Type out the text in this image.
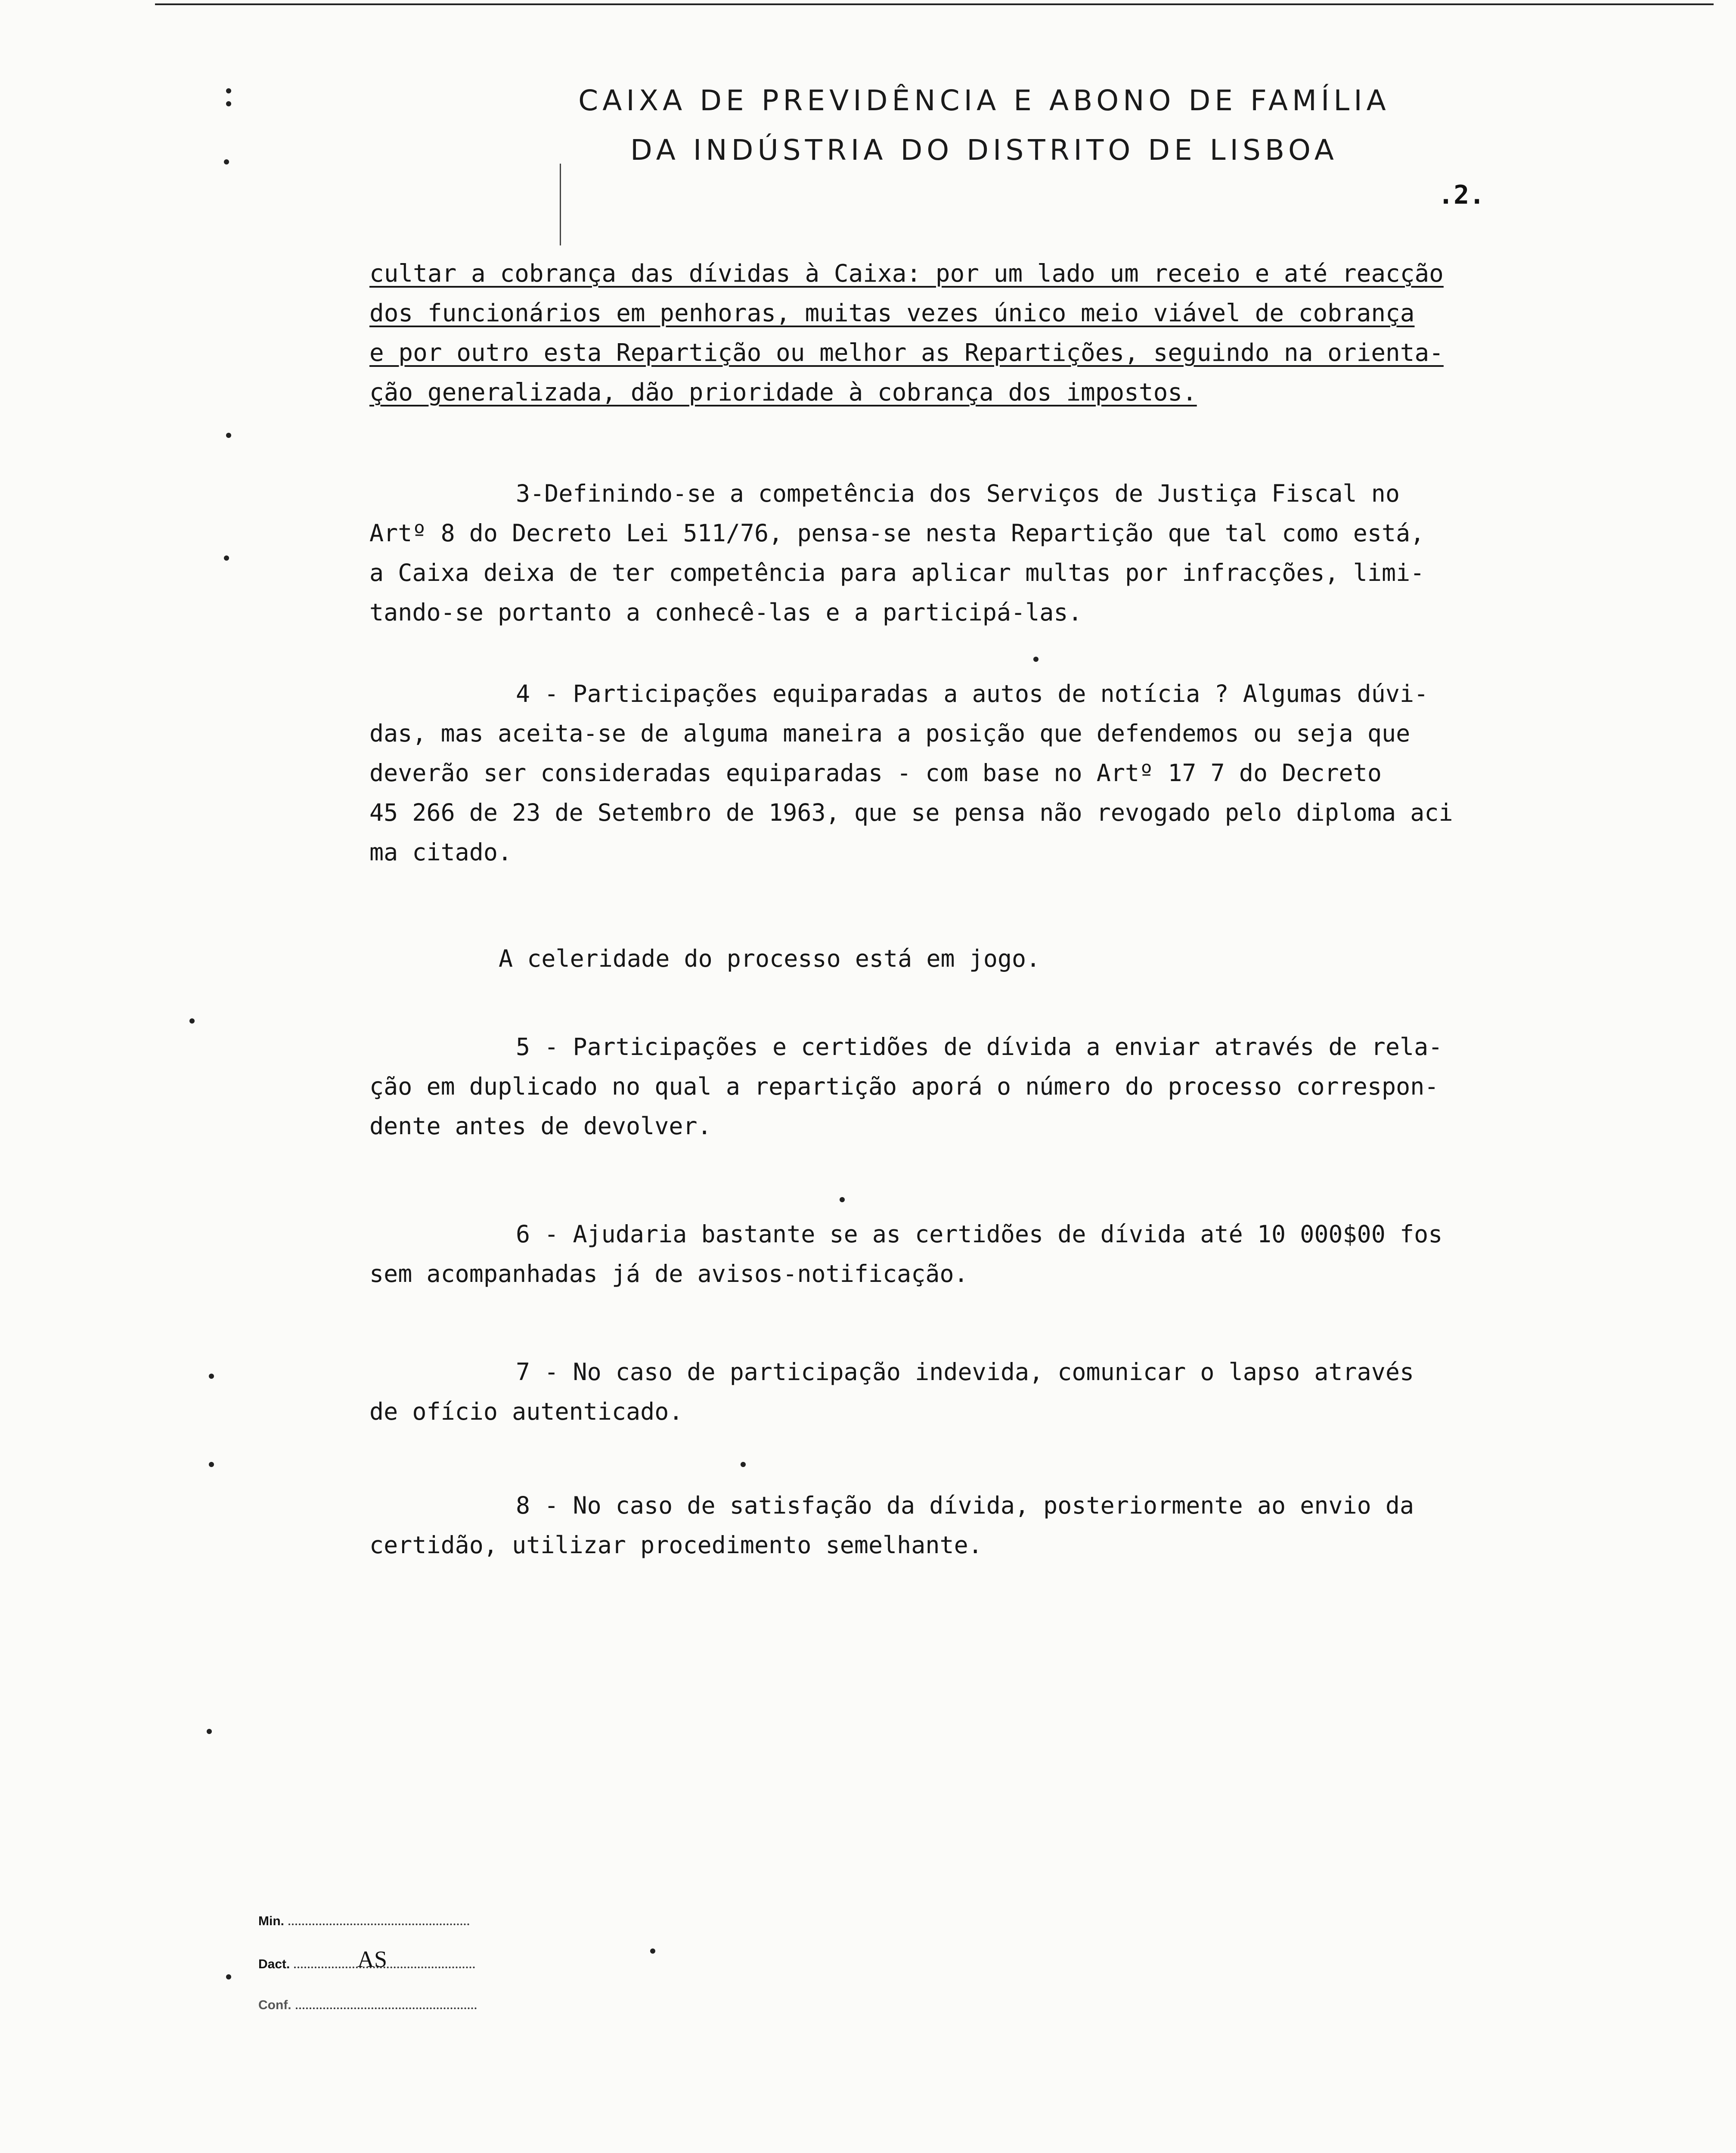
CAIXA DE PREVIDÊNCIA E ABONO DE FAMÍLIA
DA INDÚSTRIA DO DISTRITO DE LISBOA
.2.

cultar a cobrança das dívidas à Caixa: por um lado um receio e até reacção

dos funcionários em penhoras, muitas vezes único meio viável de cobrança

e por outro esta Repartição ou melhor as Repartições, seguindo na orienta-

ção generalizada, dão prioridade à cobrança dos impostos.

3-Definindo-se a competência dos Serviços de Justiça Fiscal no

Artº 8 do Decreto Lei 511/76, pensa-se nesta Repartição que tal como está,

a Caixa deixa de ter competência para aplicar multas por infracções, limi-

tando-se portanto a conhecê-las e a participá-las.

4 - Participações equiparadas a autos de notícia ? Algumas dúvi-

das, mas aceita-se de alguma maneira a posição que defendemos ou seja que

deverão ser consideradas equiparadas - com base no Artº 17 7 do Decreto

45 266 de 23 de Setembro de 1963, que se pensa não revogado pelo diploma aci

ma citado.

A celeridade do processo está em jogo.

5 - Participações e certidões de dívida a enviar através de rela-

ção em duplicado no qual a repartição aporá o número do processo correspon-

dente antes de devolver.

6 - Ajudaria bastante se as certidões de dívida até 10 000$00 fos

sem acompanhadas já de avisos-notificação.

7 - No caso de participação indevida, comunicar o lapso através

de ofício autenticado.

8 - No caso de satisfação da dívida, posteriormente ao envio da

certidão, utilizar procedimento semelhante.

Min.
Dact.	AS
Conf.
